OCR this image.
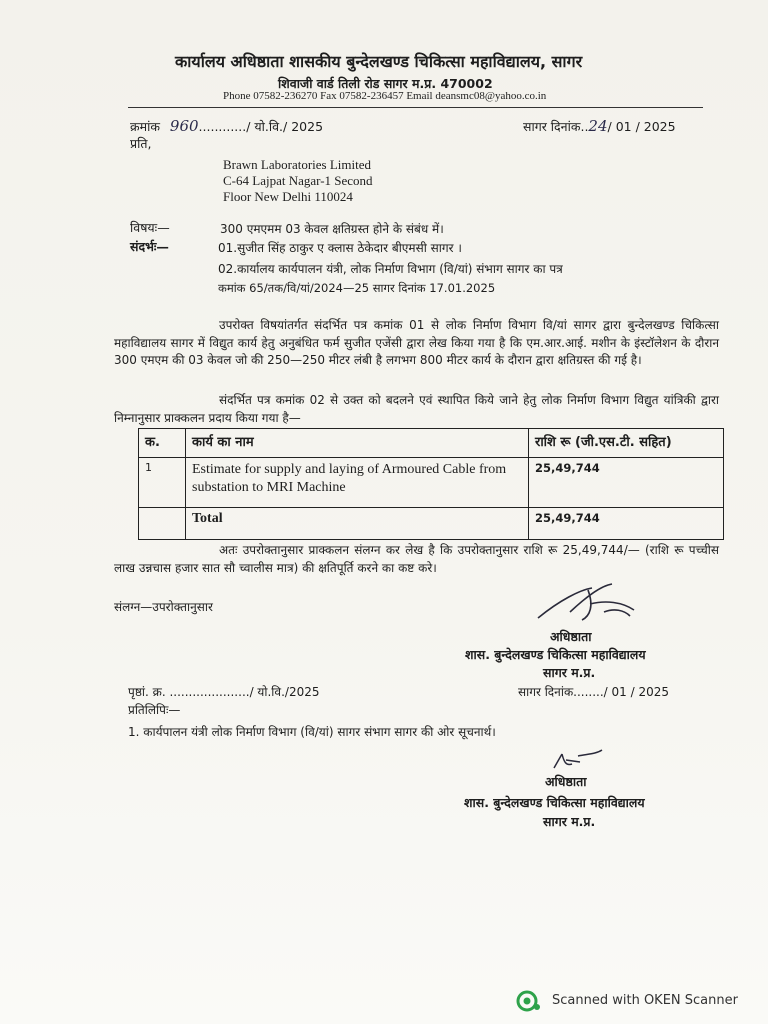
कार्यालय अधिष्ठाता शासकीय बुन्देलखण्ड चिकित्सा महाविद्यालय, सागर
शिवाजी वार्ड तिली रोड सागर म.प्र. 470002
Phone 07582-236270 Fax 07582-236457 Email deansmc08@yahoo.co.in
क्रमांक 960............/ यो.वि./ 2025	सागर दिनांक..24/ 01 / 2025
प्रति,
Brawn Laboratories Limited
C-64 Lajpat Nagar-1 Second
Floor New Delhi 110024
विषयः—	300 एमएमम 03 केवल क्षतिग्रस्त होने के संबंध में।
संदर्भः—	01.सुजीत सिंह ठाकुर ए क्लास ठेकेदार बीएमसी सागर ।
02.कार्यालय कार्यपालन यंत्री, लोक निर्माण विभाग (वि/यां) संभाग सागर का पत्र
कमांक 65/तक/वि/यां/2024—25 सागर दिनांक 17.01.2025
उपरोक्त विषयांतर्गत संदर्भित पत्र कमांक 01 से लोक निर्माण विभाग वि/यां सागर द्वारा बुन्देलखण्ड चिकित्सा महाविद्यालय सागर में विद्युत कार्य हेतु अनुबंधित फर्म सुजीत एजेंसी द्वारा लेख किया गया है कि एम.आर.आई. मशीन के इंस्टॉलेशन के दौरान 300 एमएम की 03 केवल जो की 250—250 मीटर लंबी है लगभग 800 मीटर कार्य के दौरान द्वारा क्षतिग्रस्त की गई है।
संदर्भित पत्र कमांक 02 से उक्त को बदलने एवं स्थापित किये जाने हेतु लोक निर्माण विभाग विद्युत यांत्रिकी द्वारा निम्नानुसार प्राक्कलन प्रदाय किया गया है—
क.	कार्य का नाम	राशि रू (जी.एस.टी. सहित)
1	Estimate for supply and laying of Armoured Cable from substation to MRI Machine	25,49,744
	Total	25,49,744
अतः उपरोक्तानुसार प्राक्कलन संलग्न कर लेख है कि उपरोक्तानुसार राशि रू 25,49,744/— (राशि रू पच्चीस लाख उन्नचास हजार सात सौ च्वालीस मात्र) की क्षतिपूर्ति करने का कष्ट करे।
संलग्न—उपरोक्तानुसार
अधिष्ठाता
शास. बुन्देलखण्ड चिकित्सा महाविद्यालय
सागर म.प्र.
पृष्ठां. क्र. ...................../ यो.वि./2025	सागर दिनांक......../ 01 / 2025
प्रतिलिपिः—
1. कार्यपालन यंत्री लोक निर्माण विभाग (वि/यां) सागर संभाग सागर की ओर सूचनार्थ।
अधिष्ठाता
शास. बुन्देलखण्ड चिकित्सा महाविद्यालय
सागर म.प्र.
Scanned with OKEN Scanner
